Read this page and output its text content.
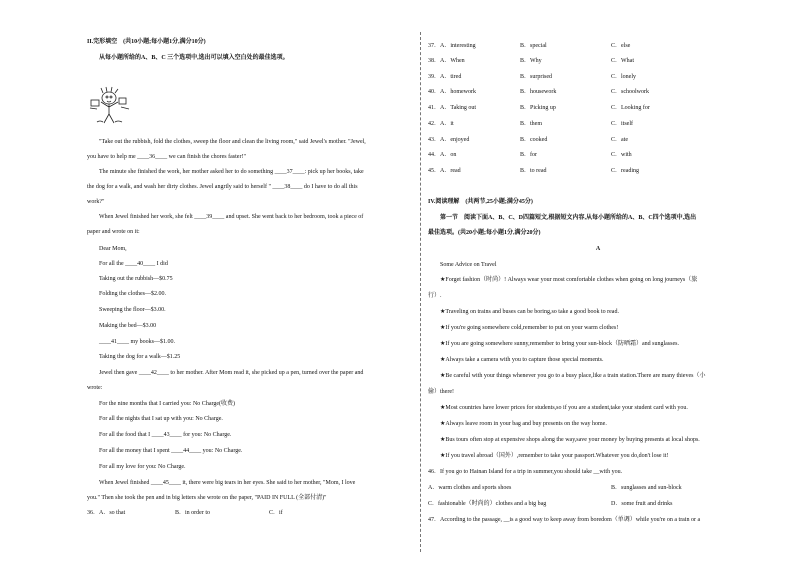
II.完形填空　(共10小题;每小题1分,满分10分)
从每小题所给的A、B、C 三个选项中,选出可以填入空白处的最佳选项。
"Take out the rubbish, fold the clothes, sweep the floor and clean the living room," said Jewel's mother. "Jewel,
you have to help me ____36____ we can finish the chores faster!"
The minute she finished the work, her mother asked her to do something ____37____: pick up her books, take
the dog for a walk, and wash her dirty clothes. Jewel angrily said to herself " ____38____ do I have to do all this
work?"
When Jewel finished her work, she felt ____39____ and upset. She went back to her bedroom, took a piece of
paper and wrote on it:
Dear Mom,
For all the ____40____ I did
Taking out the rubbish—$0.75
Folding the clothes—$2.00.
Sweeping the floor—$3.00.
Making the bed—$3.00
____41____ my books—$1.00.
Taking the dog for a walk—$1.25
Jewel then gave ____42____ to her mother. After Mom read it, she picked up a pen, turned over the paper and
wrote:
For the nine months that I carried you: No Charge(收费)
For all the nights that I sat up with you: No Charge.
For all the food that I ____43____ for you: No Charge.
For all the money that I spent ____44____ you: No Charge.
For all my love for you: No Charge.
When Jewel finished ____45____ it, there were big tears in her eyes. She said to her mother, "Mom, I love
you." Then she took the pen and in big letters she wrote on the paper, "PAID IN FULL (全部付清)"
36．A．so that	B．in order to	C．if
37．A．interesting	B．special	C．else
38．A．When	B．Why	C．What
39．A．tired	B．surprised	C．lonely
40．A．homework	B．housework	C．schoolwork
41．A．Taking out	B．Picking up	C．Looking for
42．A．it	B．them	C．itself
43．A．enjoyed	B．cooked	C．ate
44．A．on	B．for	C．with
45．A．read	B．to read	C．reading
IV.阅读理解　(共两节,25小题;满分45分)
第一节　阅读下面A、B、C、D四篇短文,根据短文内容,从每小题所给的A、B、C四个选项中,选出
最佳选项。(共20小题;每小题1分,满分20分)
A
Some Advice on Travel
★Forget fashion（时尚）! Always wear your most comfortable clothes when going on long journeys（旅
行）.
★Traveling on trains and buses can be boring,so take a good book to read.
★If you're going somewhere cold,remember to put on your warm clothes!
★If you are going somewhere sunny,remember to bring your sun-block（防晒霜）and sunglasses.
★Always take a camera with you to capture those special moments.
★Be careful with your things whenever you go to a busy place,like a train station.There are many thieves（小
偷）there!
★Most countries have lower prices for students,so if you are a student,take your student card with you.
★Always leave room in your bag and buy presents on the way home.
★Bus tours often stop at expensive shops along the way,save your money by buying presents at local shops.
★If you travel abroad（国外）,remember to take your passport.Whatever you do,don't lose it!
46．If you go to Hainan Island for a trip in summer,you should take __with you.
A．warm clothes and sports shoes	B．sunglasses and sun-block
C．fashionable（时尚的）clothes and a big bag	D．some fruit and drinks
47．According to the passage, __is a good way to keep away from boredom（单调）while you're on a train or a
